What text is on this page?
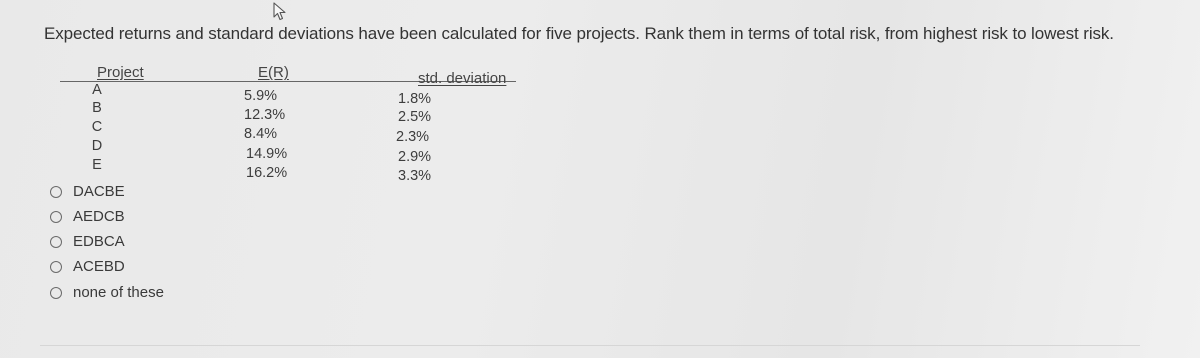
Expected returns and standard deviations have been calculated for five projects. Rank them in terms of total risk, from highest risk to lowest risk.
Project	E(R)	std. deviation
A	5.9%	1.8%
B	12.3%	2.5%
C	8.4%	2.3%
D	14.9%	2.9%
E	16.2%	3.3%
DACBE
AEDCB
EDBCA
ACEBD
none of these
